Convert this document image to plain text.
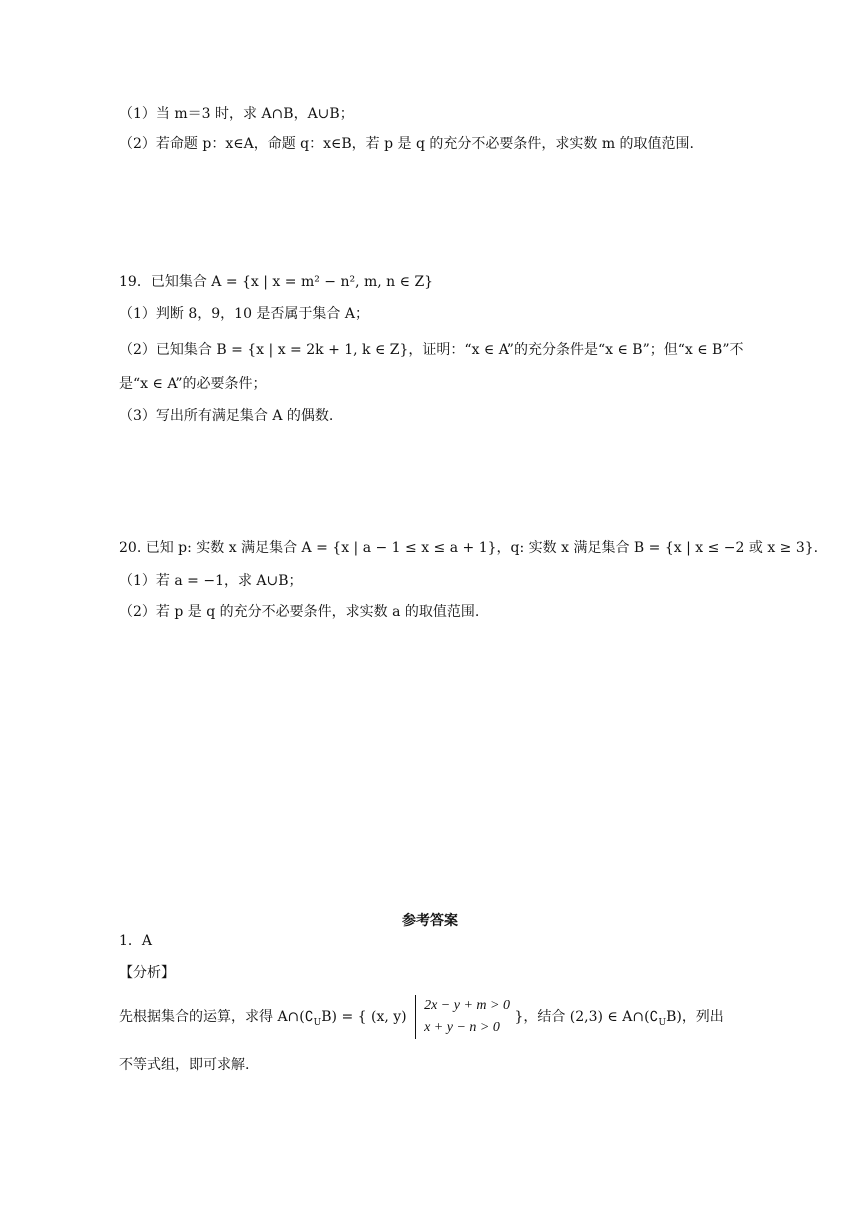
（1）当 m＝3 时，求 A∩B，A∪B；
（2）若命题 p：x∈A，命题 q：x∈B，若 p 是 q 的充分不必要条件，求实数 m 的取值范围.
19．已知集合 A = {x | x = m² − n², m, n ∈ Z}
（1）判断 8，9，10 是否属于集合 A；
（2）已知集合 B = {x | x = 2k + 1, k ∈ Z}，证明：“x ∈ A”的充分条件是“x ∈ B”；但“x ∈ B”不
是“x ∈ A”的必要条件；
（3）写出所有满足集合 A 的偶数.
20. 已知 p: 实数 x 满足集合 A = {x | a − 1 ≤ x ≤ a + 1}，q: 实数 x 满足集合 B = {x | x ≤ −2 或 x ≥ 3}.
（1）若 a = −1，求 A∪B；
（2）若 p 是 q 的充分不必要条件，求实数 a 的取值范围.
参考答案
1．A
【分析】
先根据集合的运算，求得 $A\cap(∁_UB)$ = { (x, y)
2x − y + m > 0
x + y − n > 0
}，结合 (2,3) ∈ $A\cap(∁_UB)$，列出
不等式组，即可求解.
